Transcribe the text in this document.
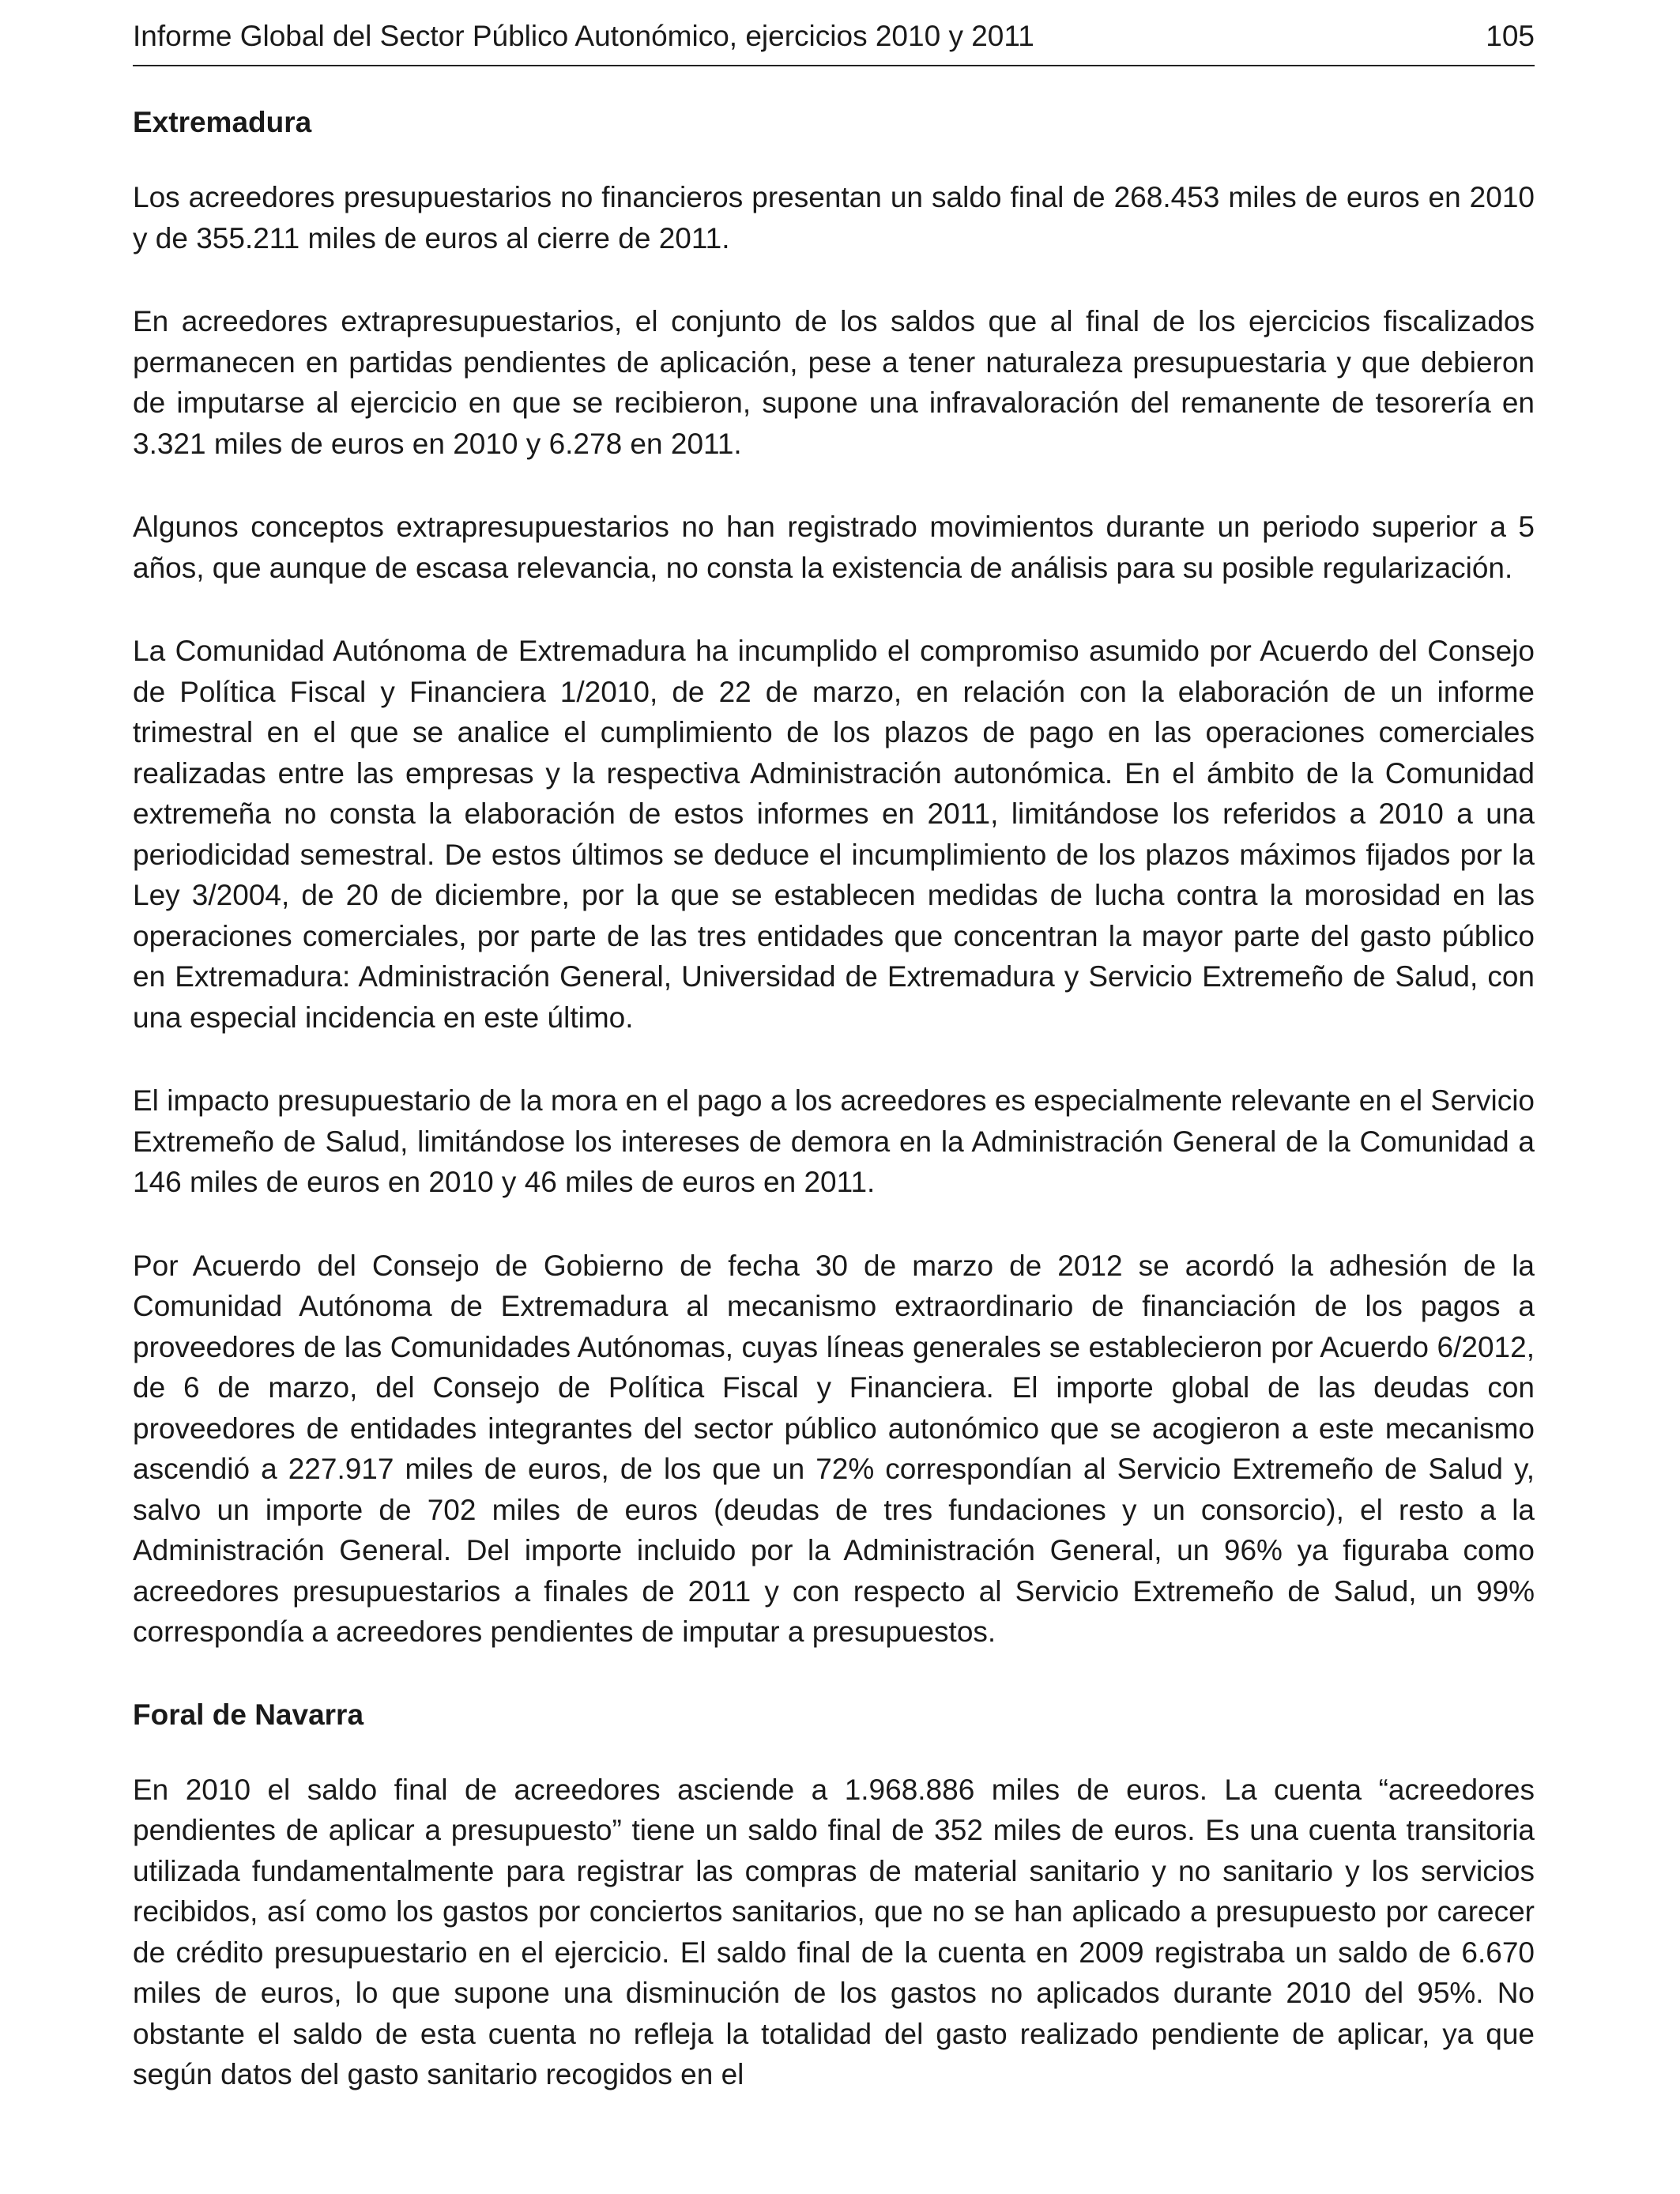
Informe Global del Sector Público Autonómico, ejercicios 2010 y 2011	105
Extremadura

Los acreedores presupuestarios no financieros presentan un saldo final de 268.453 miles de euros en 2010 y de 355.211 miles de euros al cierre de 2011.

En acreedores extrapresupuestarios, el conjunto de los saldos que al final de los ejercicios fiscalizados permanecen en partidas pendientes de aplicación, pese a tener naturaleza presupuestaria y que debieron de imputarse al ejercicio en que se recibieron, supone una infravaloración del remanente de tesorería en 3.321 miles de euros en 2010 y 6.278 en 2011.

Algunos conceptos extrapresupuestarios no han registrado movimientos durante un periodo superior a 5 años, que aunque de escasa relevancia, no consta la existencia de análisis para su posible regularización.

La Comunidad Autónoma de Extremadura ha incumplido el compromiso asumido por Acuerdo del Consejo de Política Fiscal y Financiera 1/2010, de 22 de marzo, en relación con la elaboración de un informe trimestral en el que se analice el cumplimiento de los plazos de pago en las operaciones comerciales realizadas entre las empresas y la respectiva Administración autonómica. En el ámbito de la Comunidad extremeña no consta la elaboración de estos informes en 2011, limitándose los referidos a 2010 a una periodicidad semestral. De estos últimos se deduce el incumplimiento de los plazos máximos fijados por la Ley 3/2004, de 20 de diciembre, por la que se establecen medidas de lucha contra la morosidad en las operaciones comerciales, por parte de las tres entidades que concentran la mayor parte del gasto público en Extremadura: Administración General, Universidad de Extremadura y Servicio Extremeño de Salud, con una especial incidencia en este último.

El impacto presupuestario de la mora en el pago a los acreedores es especialmente relevante en el Servicio Extremeño de Salud, limitándose los intereses de demora en la Administración General de la Comunidad a 146 miles de euros en 2010 y 46 miles de euros en 2011.

Por Acuerdo del Consejo de Gobierno de fecha 30 de marzo de 2012 se acordó la adhesión de la Comunidad Autónoma de Extremadura al mecanismo extraordinario de financiación de los pagos a proveedores de las Comunidades Autónomas, cuyas líneas generales se establecieron por Acuerdo 6/2012, de 6 de marzo, del Consejo de Política Fiscal y Financiera. El importe global de las deudas con proveedores de entidades integrantes del sector público autonómico que se acogieron a este mecanismo ascendió a 227.917 miles de euros, de los que un 72% correspondían al Servicio Extremeño de Salud y, salvo un importe de 702 miles de euros (deudas de tres fundaciones y un consorcio), el resto a la Administración General. Del importe incluido por la Administración General, un 96% ya figuraba como acreedores presupuestarios a finales de 2011 y con respecto al Servicio Extremeño de Salud, un 99% correspondía a acreedores pendientes de imputar a presupuestos.

Foral de Navarra

En 2010 el saldo final de acreedores asciende a 1.968.886 miles de euros. La cuenta “acreedores pendientes de aplicar a presupuesto” tiene un saldo final de 352 miles de euros. Es una cuenta transitoria utilizada fundamentalmente para registrar las compras de material sanitario y no sanitario y los servicios recibidos, así como los gastos por conciertos sanitarios, que no se han aplicado a presupuesto por carecer de crédito presupuestario en el ejercicio. El saldo final de la cuenta en 2009 registraba un saldo de 6.670 miles de euros, lo que supone una disminución de los gastos no aplicados durante 2010 del 95%. No obstante el saldo de esta cuenta no refleja la totalidad del gasto realizado pendiente de aplicar, ya que según datos del gasto sanitario recogidos en el
